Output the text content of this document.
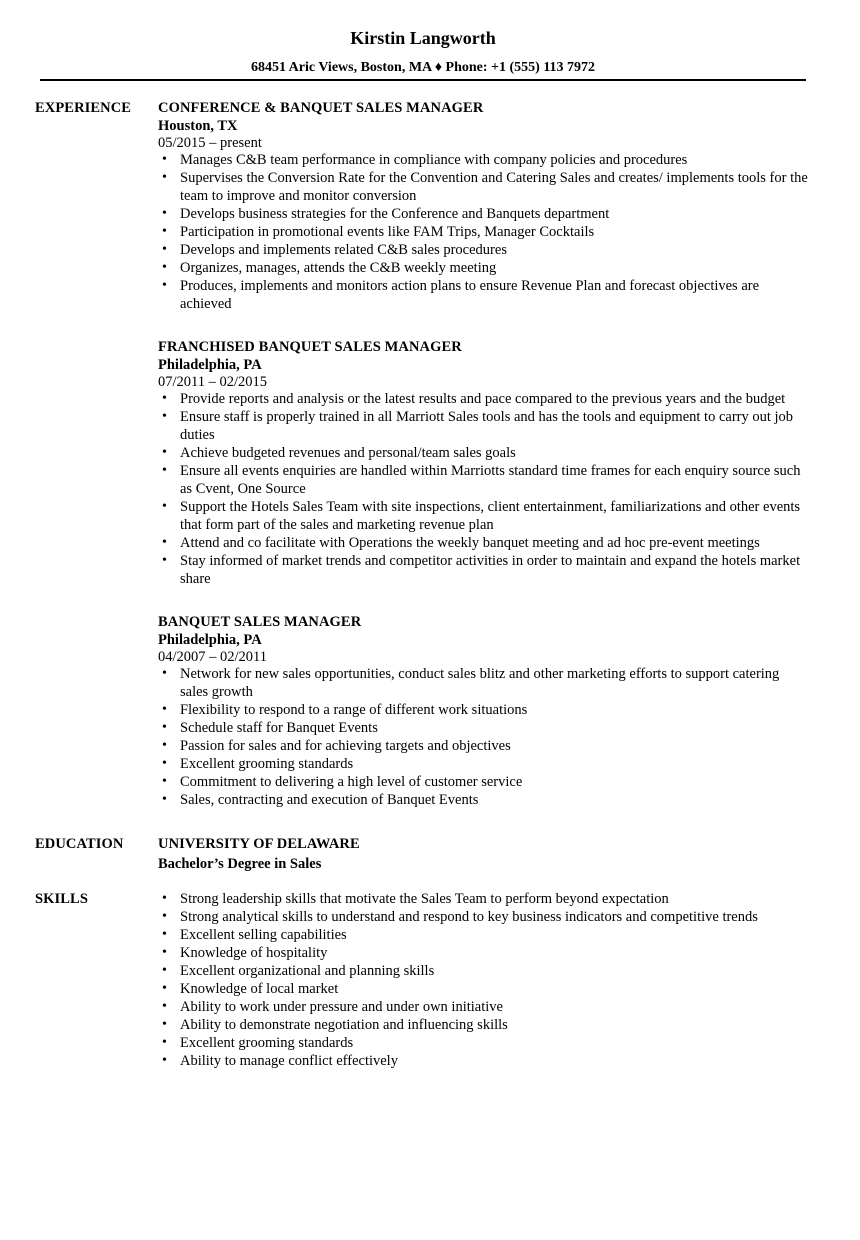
Kirstin Langworth
68451 Aric Views, Boston, MA ♦ Phone: +1 (555) 113 7972
EXPERIENCE CONFERENCE & BANQUET SALES MANAGER
Houston, TX
05/2015 – present
• Manages C&B team performance in compliance with company policies and procedures
• Supervises the Conversion Rate for the Convention and Catering Sales and creates/ implements tools for the team to improve and monitor conversion
• Develops business strategies for the Conference and Banquets department
• Participation in promotional events like FAM Trips, Manager Cocktails
• Develops and implements related C&B sales procedures
• Organizes, manages, attends the C&B weekly meeting
• Produces, implements and monitors action plans to ensure Revenue Plan and forecast objectives are achieved
FRANCHISED BANQUET SALES MANAGER
Philadelphia, PA
07/2011 – 02/2015
• Provide reports and analysis or the latest results and pace compared to the previous years and the budget
• Ensure staff is properly trained in all Marriott Sales tools and has the tools and equipment to carry out job duties
• Achieve budgeted revenues and personal/team sales goals
• Ensure all events enquiries are handled within Marriotts standard time frames for each enquiry source such as Cvent, One Source
• Support the Hotels Sales Team with site inspections, client entertainment, familiarizations and other events that form part of the sales and marketing revenue plan
• Attend and co facilitate with Operations the weekly banquet meeting and ad hoc pre-event meetings
• Stay informed of market trends and competitor activities in order to maintain and expand the hotels market share
BANQUET SALES MANAGER
Philadelphia, PA
04/2007 – 02/2011
• Network for new sales opportunities, conduct sales blitz and other marketing efforts to support catering sales growth
• Flexibility to respond to a range of different work situations
• Schedule staff for Banquet Events
• Passion for sales and for achieving targets and objectives
• Excellent grooming standards
• Commitment to delivering a high level of customer service
• Sales, contracting and execution of Banquet Events
EDUCATION UNIVERSITY OF DELAWARE
Bachelor’s Degree in Sales
SKILLS
•	Strong leadership skills that motivate the Sales Team to perform beyond expectation
• Strong analytical skills to understand and respond to key business indicators and competitive trends
• Excellent selling capabilities
• Knowledge of hospitality
• Excellent organizational and planning skills
• Knowledge of local market
• Ability to work under pressure and under own initiative
• Ability to demonstrate negotiation and influencing skills
• Excellent grooming standards
• Ability to manage conflict effectively
